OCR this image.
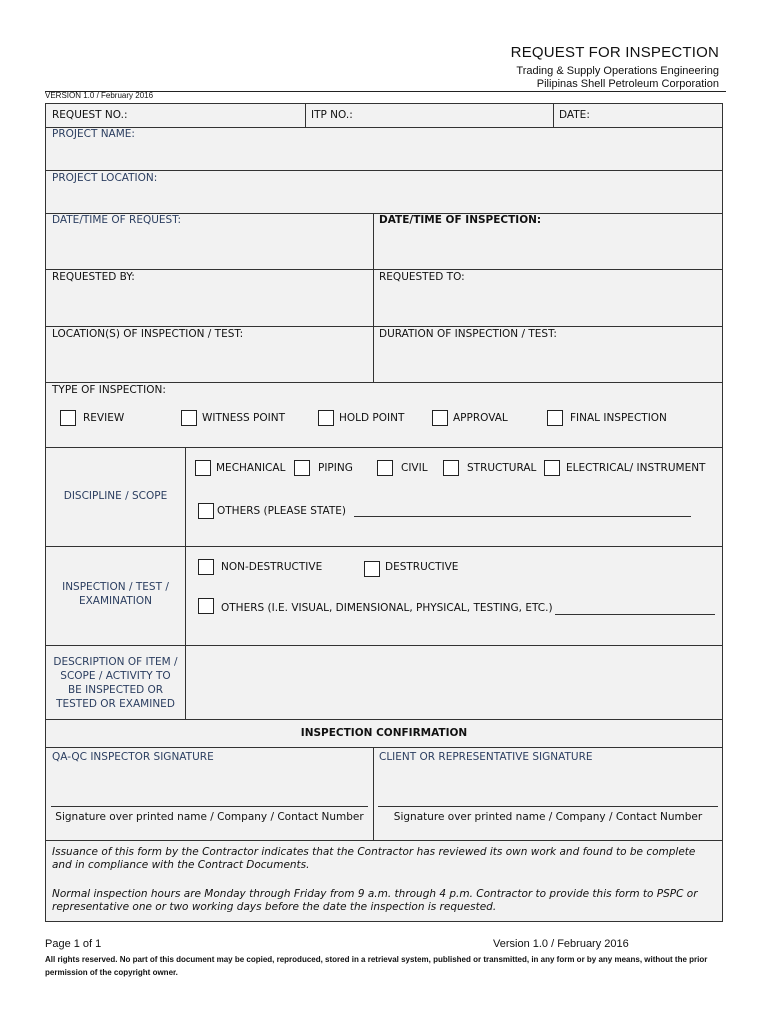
REQUEST FOR INSPECTION
Trading & Supply Operations Engineering
Pilipinas Shell Petroleum Corporation
VERSION 1.0 / February 2016
REQUEST NO.:	ITP NO.:	DATE:
PROJECT NAME:
PROJECT LOCATION:
DATE/TIME OF REQUEST:	DATE/TIME OF INSPECTION:
REQUESTED BY:	REQUESTED TO:
LOCATION(S) OF INSPECTION / TEST:	DURATION OF INSPECTION / TEST:
TYPE OF INSPECTION:
REVIEW	WITNESS POINT	HOLD POINT	APPROVAL	FINAL INSPECTION
DISCIPLINE / SCOPE
MECHANICAL	PIPING	CIVIL	STRUCTURAL	ELECTRICAL/ INSTRUMENT
OTHERS (PLEASE STATE)
INSPECTION / TEST /
EXAMINATION
NON-DESTRUCTIVE	DESTRUCTIVE
OTHERS (I.E. VISUAL, DIMENSIONAL, PHYSICAL, TESTING, ETC.)
DESCRIPTION OF ITEM /
SCOPE / ACTIVITY TO
BE INSPECTED OR
TESTED OR EXAMINED
INSPECTION CONFIRMATION
QA-QC INSPECTOR SIGNATURE	CLIENT OR REPRESENTATIVE SIGNATURE
Signature over printed name / Company / Contact Number	Signature over printed name / Company / Contact Number
Issuance of this form by the Contractor indicates that the Contractor has reviewed its own work and found to be complete and in compliance with the Contract Documents.
Normal inspection hours are Monday through Friday from 9 a.m. through 4 p.m. Contractor to provide this form to PSPC or representative one or two working days before the date the inspection is requested.
Page 1 of 1	Version 1.0 / February 2016
All rights reserved. No part of this document may be copied, reproduced, stored in a retrieval system, published or transmitted, in any form or by any means, without the prior permission of the copyright owner.
